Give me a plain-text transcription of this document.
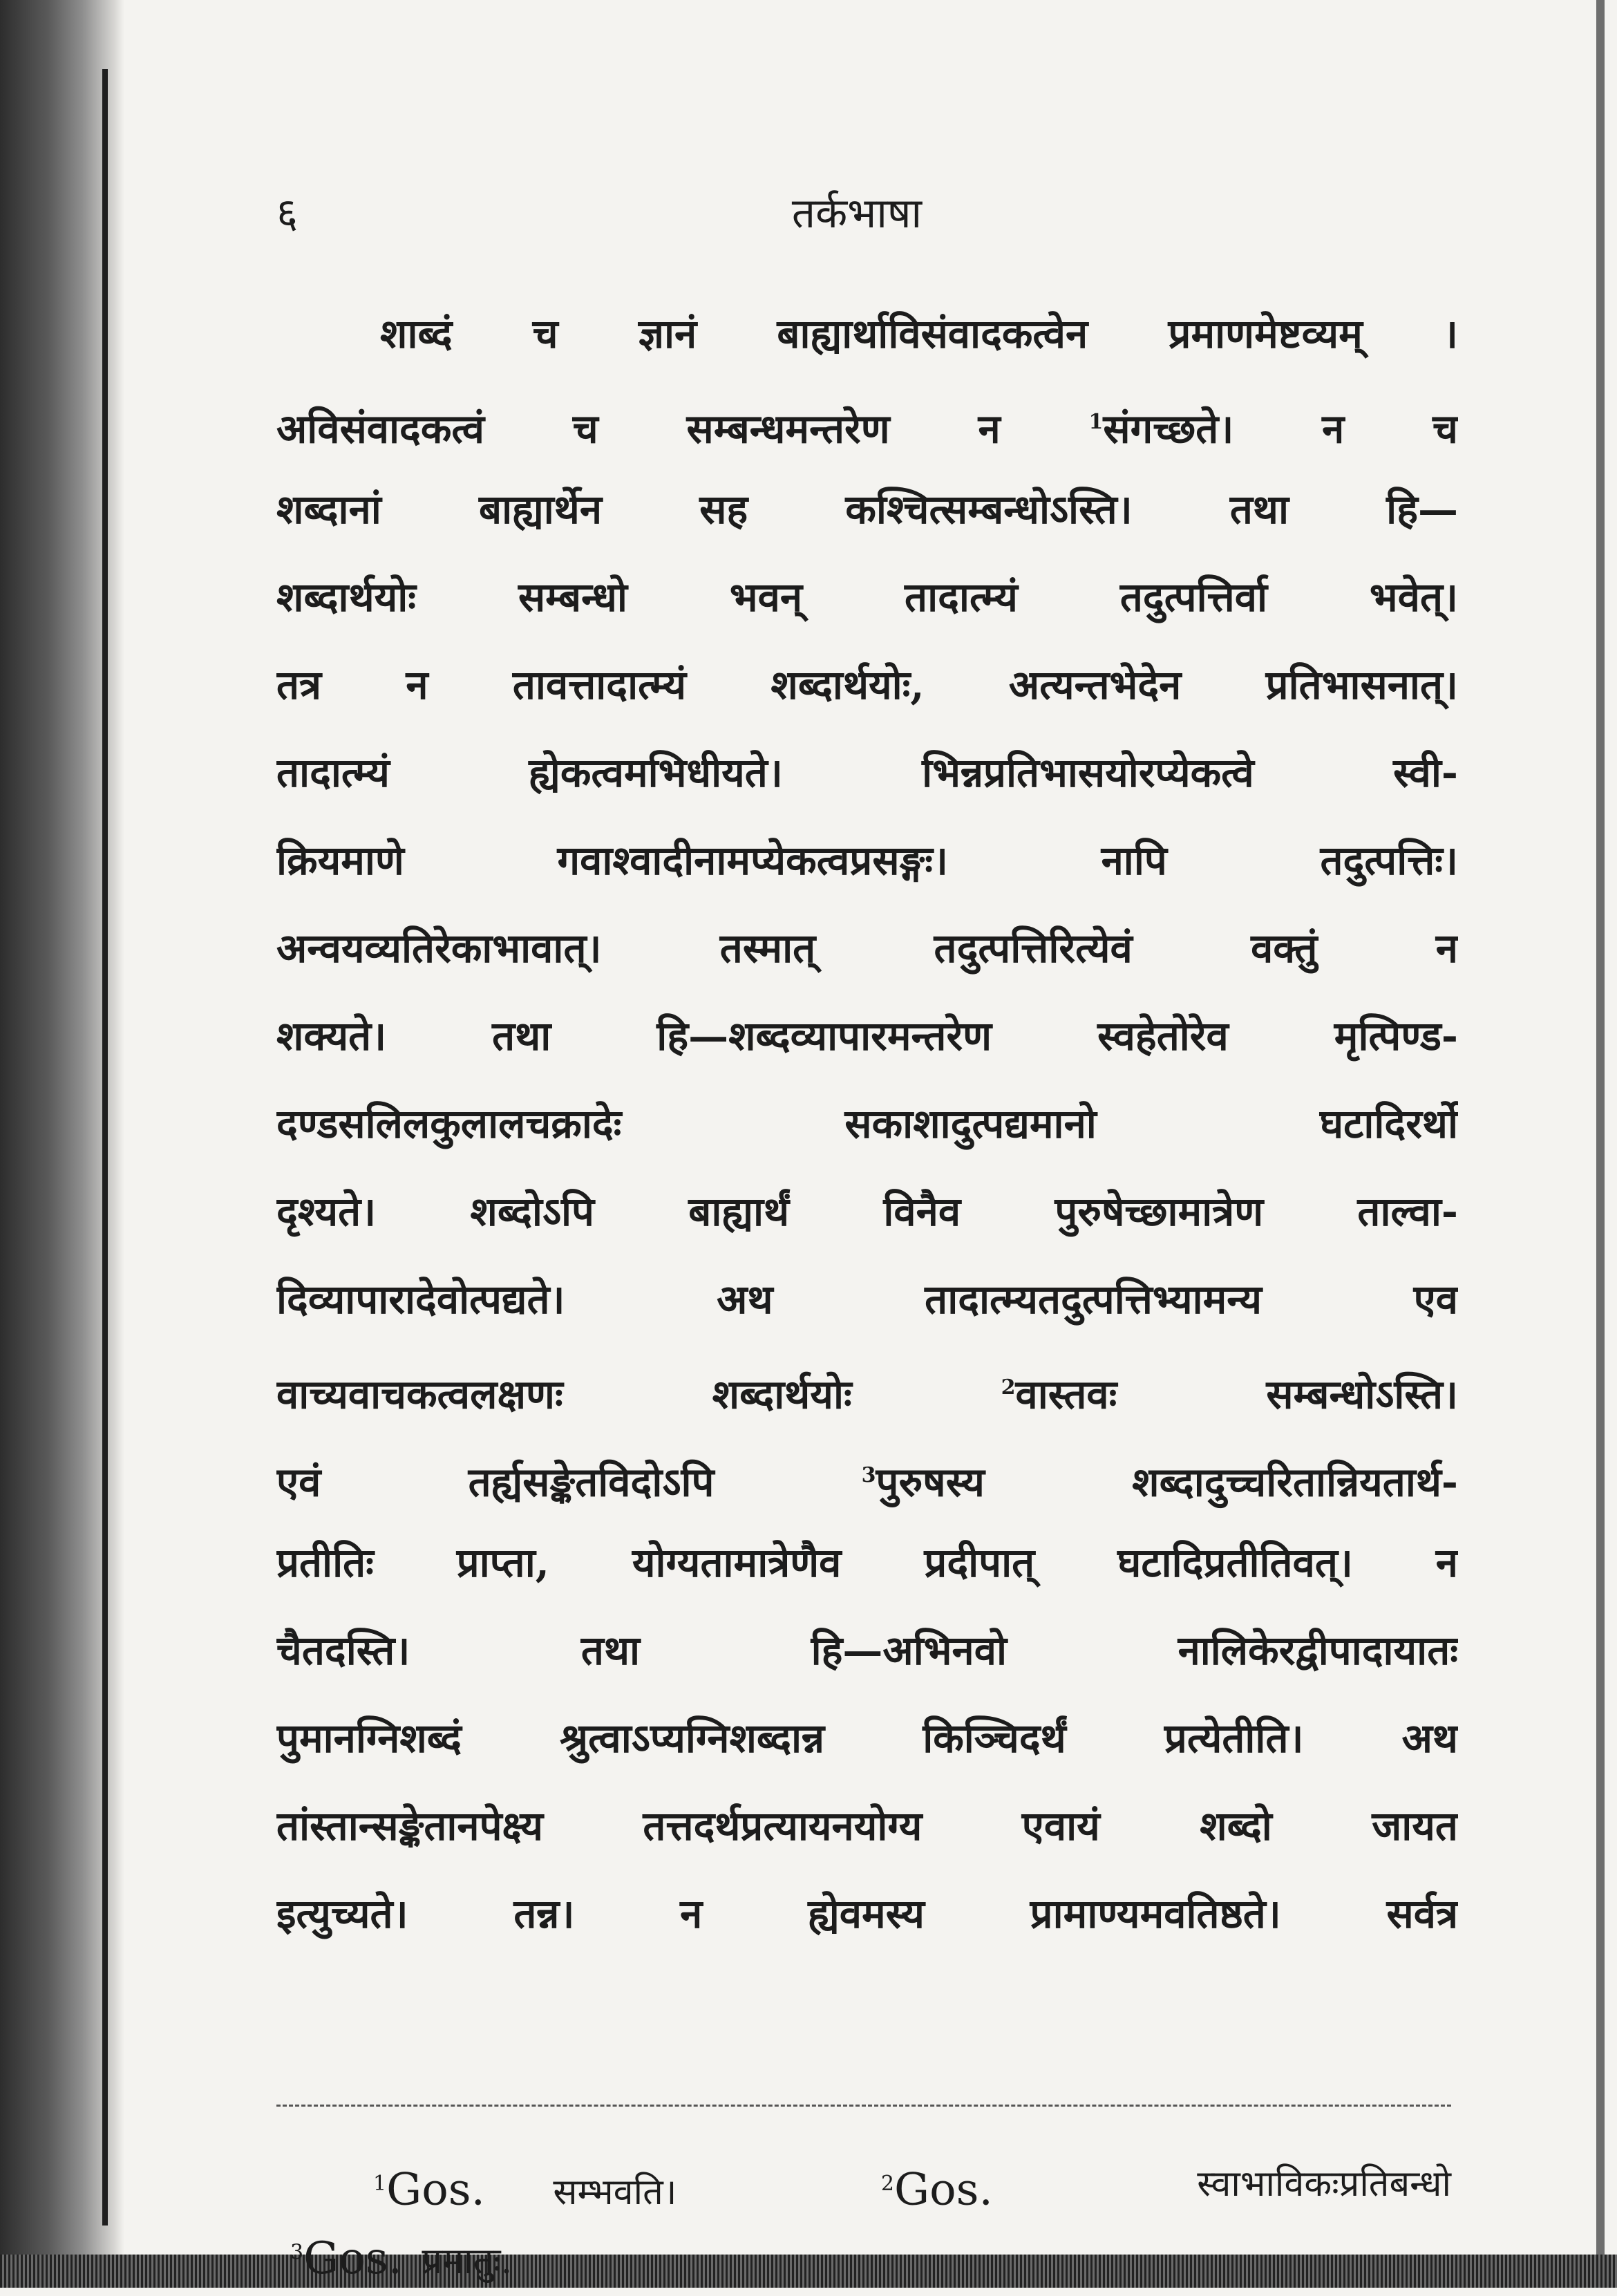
६	तर्कभाषा
शाब्दं च ज्ञानं बाह्यार्थाविसंवादकत्वेन प्रमाणमेष्टव्यम् ।
अविसंवादकत्वं च सम्बन्धमन्तरेण न $^1$संगच्छते। न च
शब्दानां बाह्यार्थेन सह कश्चित्सम्बन्धोऽस्ति। तथा हि—
शब्दार्थयोः सम्बन्धो भवन् तादात्म्यं तदुत्पत्तिर्वा भवेत्।
तत्र न तावत्तादात्म्यं शब्दार्थयोः, अत्यन्तभेदेन प्रतिभासनात्।
तादात्म्यं ह्येकत्वमभिधीयते। भिन्नप्रतिभासयोरप्येकत्वे स्वी-
क्रियमाणे गवाश्वादीनामप्येकत्वप्रसङ्गः। नापि तदुत्पत्तिः।
अन्वयव्यतिरेकाभावात्। तस्मात् तदुत्पत्तिरित्येवं वक्तुं न
शक्यते। तथा हि—शब्दव्यापारमन्तरेण स्वहेतोरेव मृत्पिण्ड-
दण्डसलिलकुलालचक्रादेः सकाशादुत्पद्यमानो घटादिरर्थो
दृश्यते। शब्दोऽपि बाह्यार्थं विनैव पुरुषेच्छामात्रेण ताल्वा-
दिव्यापारादेवोत्पद्यते। अथ तादात्म्यतदुत्पत्तिभ्यामन्य एव
वाच्यवाचकत्वलक्षणः शब्दार्थयोः $^2$वास्तवः सम्बन्धोऽस्ति।
एवं तर्ह्यसङ्केतविदोऽपि $^3$पुरुषस्य शब्दादुच्चरितान्नियतार्थ-
प्रतीतिः प्राप्ता, योग्यतामात्रेणैव प्रदीपात् घटादिप्रतीतिवत्। न
चैतदस्ति। तथा हि—अभिनवो नालिकेरद्वीपादायातः
पुमानग्निशब्दं श्रुत्वाऽप्यग्निशब्दान्न किञ्चिदर्थं प्रत्येतीति। अथ
तांस्तान्सङ्केतानपेक्ष्य तत्तदर्थप्रत्यायनयोग्य एवायं शब्दो जायत
इत्युच्यते। तन्न। न ह्येवमस्य प्रामाण्यमवतिष्ठते। सर्वत्र
$^1$Gos. सम्भवति।	$^2$Gos.	स्वाभाविकःप्रतिबन्धो
$^3$Gos. प्रमातुः.
